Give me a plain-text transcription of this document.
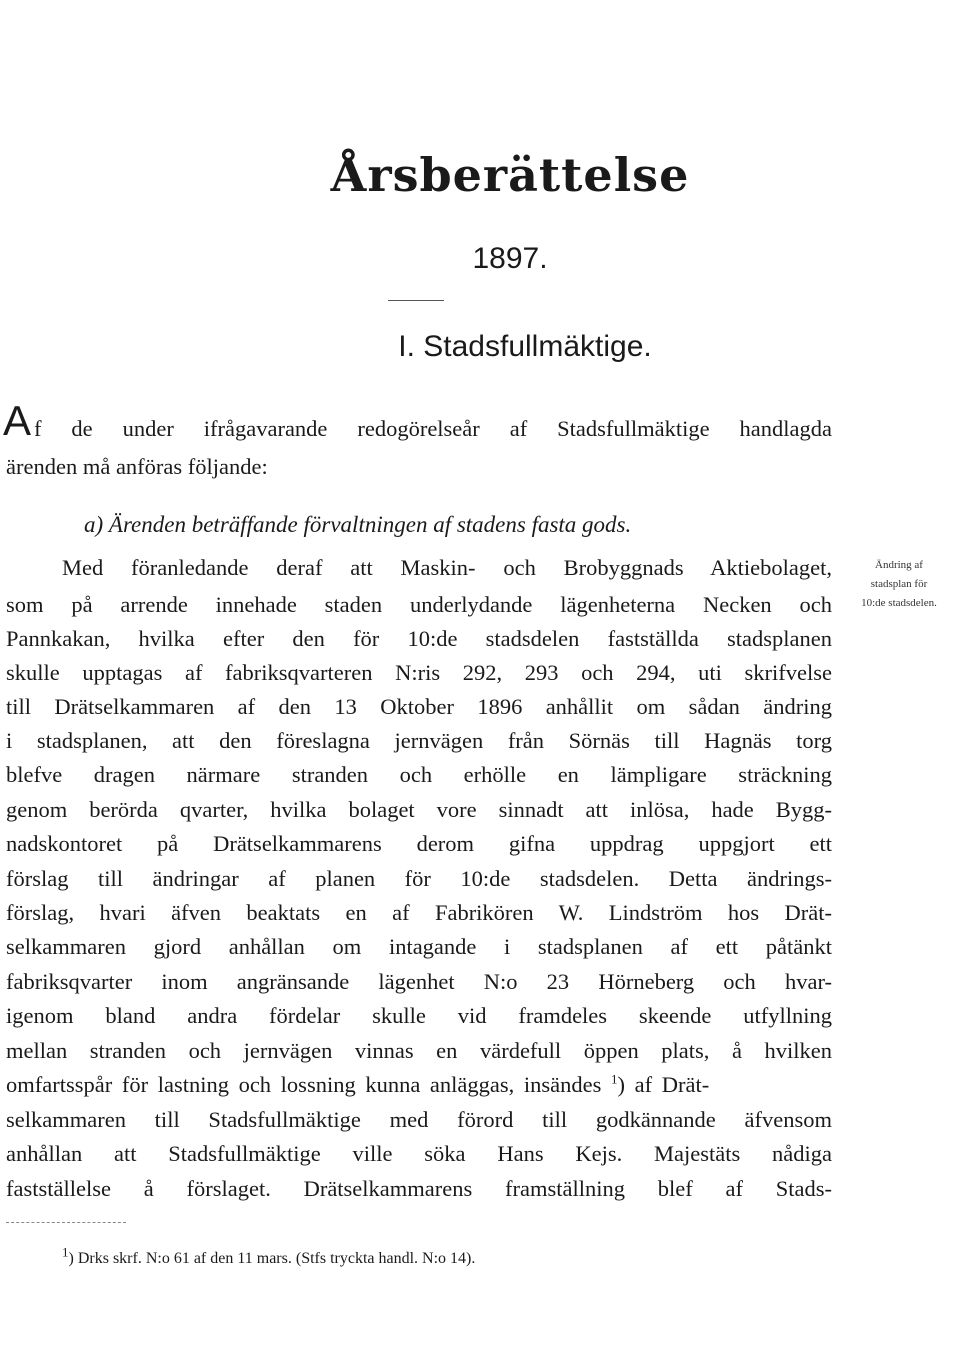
Årsberättelse
1897.
I. Stadsfullmäktige.
A f de under ifrågavarande redogörelseår af Stadsfullmäktige handlagda
ärenden må anföras följande:
a) Ärenden beträffande förvaltningen af stadens fasta gods.
Ändring af
stadsplan för
10:de stadsdelen.
Med föranledande deraf att Maskin- och Brobyggnads Aktiebolaget,
som på arrende innehade staden underlydande lägenheterna Necken och
Pannkakan, hvilka efter den för 10:de stadsdelen fastställda stadsplanen
skulle upptagas af fabriksqvarteren N:ris 292, 293 och 294, uti skrifvelse
till Drätselkammaren af den 13 Oktober 1896 anhållit om sådan ändring
i stadsplanen, att den föreslagna jernvägen från Sörnäs till Hagnäs torg
blefve dragen närmare stranden och erhölle en lämpligare sträckning
genom berörda qvarter, hvilka bolaget vore sinnadt att inlösa, hade Bygg-
nadskontoret på Drätselkammarens derom gifna uppdrag uppgjort ett
förslag till ändringar af planen för 10:de stadsdelen. Detta ändrings-
förslag, hvari äfven beaktats en af Fabrikören W. Lindström hos Drät-
selkammaren gjord anhållan om intagande i stadsplanen af ett påtänkt
fabriksqvarter inom angränsande lägenhet N:o 23 Hörneberg och hvar-
igenom bland andra fördelar skulle vid framdeles skeende utfyllning
mellan stranden och jernvägen vinnas en värdefull öppen plats, å hvilken
omfartsspår för lastning och lossning kunna anläggas, insändes $^1$) af Drät-
selkammaren till Stadsfullmäktige med förord till godkännande äfvensom
anhållan att Stadsfullmäktige ville söka Hans Kejs. Majestäts nådiga
fastställelse å förslaget. Drätselkammarens framställning blef af Stads-
$^1$) Drks skrf. N:o 61 af den 11 mars. (Stfs tryckta handl. N:o 14).
